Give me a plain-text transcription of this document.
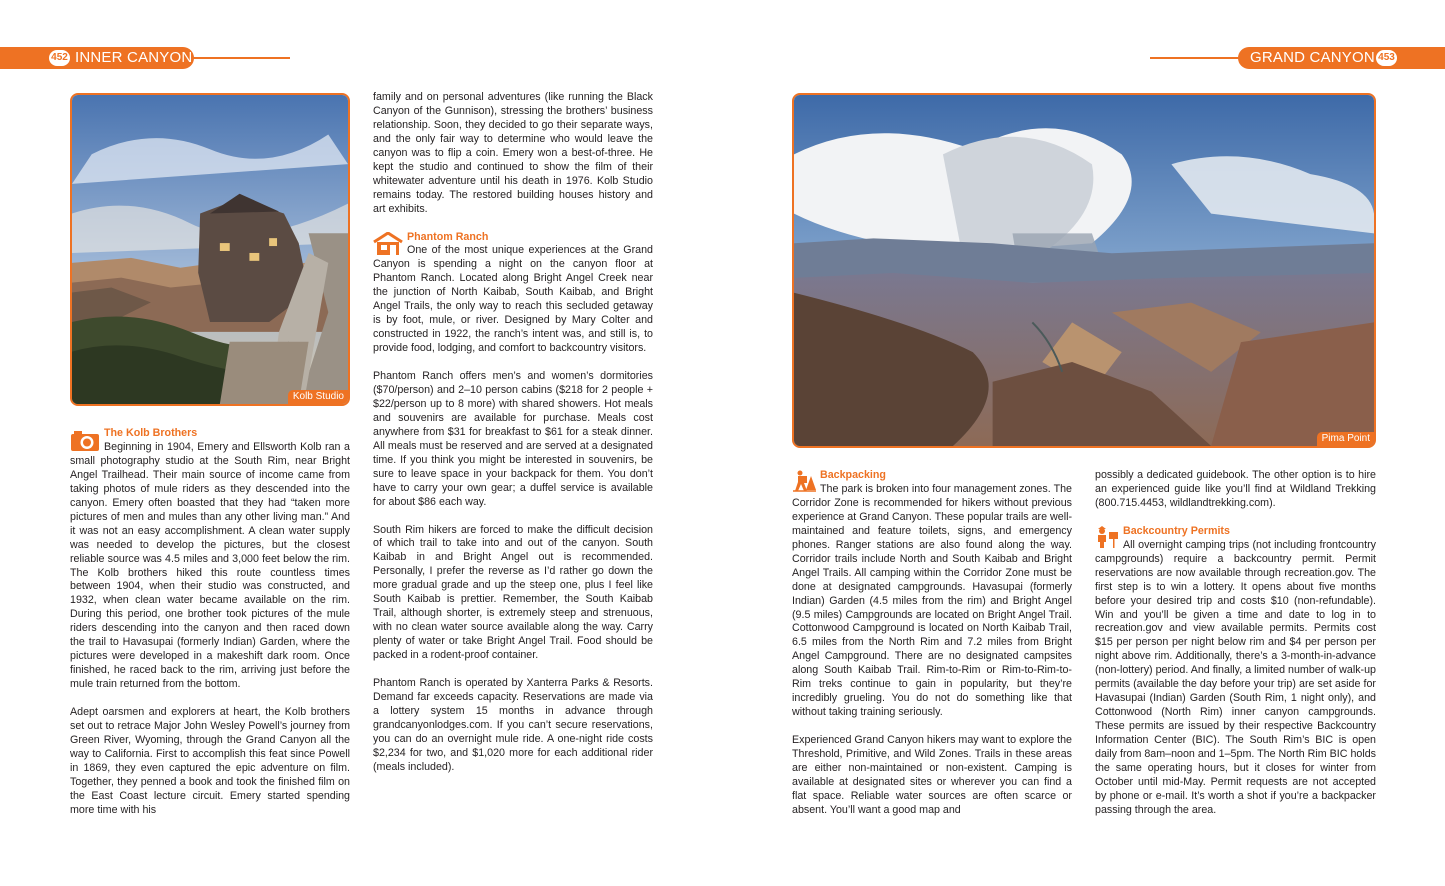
452 INNER CANYON	GRAND CANYON 453
Kolb Studio
Pima Point
The Kolb Brothers

Beginning in 1904, Emery and Ellsworth Kolb ran a small photography studio at the South Rim, near Bright Angel Trailhead. Their main source of income came from taking photos of mule riders as they descended into the canyon. Emery often boasted that they had “taken more pictures of men and mules than any other living man.” And it was not an easy accomplishment. A clean water supply was needed to develop the pictures, but the closest reliable source was 4.5 miles and 3,000 feet below the rim. The Kolb brothers hiked this route countless times between 1904, when their studio was constructed, and 1932, when clean water became available on the rim. During this period, one brother took pictures of the mule riders descending into the canyon and then raced down the trail to Havasupai (formerly Indian) Garden, where the pictures were developed in a makeshift dark room. Once finished, he raced back to the rim, arriving just before the mule train returned from the bottom.

Adept oarsmen and explorers at heart, the Kolb brothers set out to retrace Major John Wesley Powell’s journey from Green River, Wyoming, through the Grand Canyon all the way to California. First to accomplish this feat since Powell in 1869, they even captured the epic adventure on film. Together, they penned a book and took the finished film on the East Coast lecture circuit. Emery started spending more time with his

family and on personal adventures (like running the Black Canyon of the Gunnison), stressing the brothers’ business relationship. Soon, they decided to go their separate ways, and the only fair way to determine who would leave the canyon was to flip a coin. Emery won a best-of-three. He kept the studio and continued to show the film of their whitewater adventure until his death in 1976. Kolb Studio remains today. The restored building houses history and art exhibits.

Phantom Ranch

One of the most unique experiences at the Grand Canyon is spending a night on the canyon floor at Phantom Ranch. Located along Bright Angel Creek near the junction of North Kaibab, South Kaibab, and Bright Angel Trails, the only way to reach this secluded getaway is by foot, mule, or river. Designed by Mary Colter and constructed in 1922, the ranch’s intent was, and still is, to provide food, lodging, and comfort to backcountry visitors.

Phantom Ranch offers men’s and women’s dormitories ($70/person) and 2–10 person cabins ($218 for 2 people + $22/person up to 8 more) with shared showers. Hot meals and souvenirs are available for purchase. Meals cost anywhere from $31 for breakfast to $61 for a steak dinner. All meals must be reserved and are served at a designated time. If you think you might be interested in souvenirs, be sure to leave space in your backpack for them. You don’t have to carry your own gear; a duffel service is available for about $86 each way.

South Rim hikers are forced to make the difficult decision of which trail to take into and out of the canyon. South Kaibab in and Bright Angel out is recommended. Personally, I prefer the reverse as I’d rather go down the more gradual grade and up the steep one, plus I feel like South Kaibab is prettier. Remember, the South Kaibab Trail, although shorter, is extremely steep and strenuous, with no clean water source available along the way. Carry plenty of water or take Bright Angel Trail. Food should be packed in a rodent-proof container.

Phantom Ranch is operated by Xanterra Parks & Resorts. Demand far exceeds capacity. Reservations are made via a lottery system 15 months in advance through grandcanyonlodges.com. If you can’t secure reservations, you can do an overnight mule ride. A one-night ride costs $2,234 for two, and $1,020 more for each additional rider (meals included).

Backpacking

The park is broken into four management zones. The Corridor Zone is recommended for hikers without previous experience at Grand Canyon. These popular trails are well-maintained and feature toilets, signs, and emergency phones. Ranger stations are also found along the way. Corridor trails include North and South Kaibab and Bright Angel Trails. All camping within the Corridor Zone must be done at designated campgrounds. Havasupai (formerly Indian) Garden (4.5 miles from the rim) and Bright Angel (9.5 miles) Campgrounds are located on Bright Angel Trail. Cottonwood Campground is located on North Kaibab Trail, 6.5 miles from the North Rim and 7.2 miles from Bright Angel Campground. There are no designated campsites along South Kaibab Trail. Rim-to-Rim or Rim-to-Rim-to-Rim treks continue to gain in popularity, but they’re incredibly grueling. You do not do something like that without taking training seriously.

Experienced Grand Canyon hikers may want to explore the Threshold, Primitive, and Wild Zones. Trails in these areas are either non-maintained or non-existent. Camping is available at designated sites or wherever you can find a flat space. Reliable water sources are often scarce or absent. You’ll want a good map and

possibly a dedicated guidebook. The other option is to hire an experienced guide like you’ll find at Wildland Trekking (800.715.4453, wildlandtrekking.com).

Backcountry Permits

All overnight camping trips (not including frontcountry campgrounds) require a backcountry permit. Permit reservations are now available through recreation.gov. The first step is to win a lottery. It opens about five months before your desired trip and costs $10 (non-refundable). Win and you’ll be given a time and date to log in to recreation.gov and view available permits. Permits cost $15 per person per night below rim and $4 per person per night above rim. Additionally, there’s a 3-month-in-advance (non-lottery) period. And finally, a limited number of walk-up permits (available the day before your trip) are set aside for Havasupai (Indian) Garden (South Rim, 1 night only), and Cottonwood (North Rim) inner canyon campgrounds. These permits are issued by their respective Backcountry Information Center (BIC). The South Rim’s BIC is open daily from 8am–noon and 1–5pm. The North Rim BIC holds the same operating hours, but it closes for winter from October until mid-May. Permit requests are not accepted by phone or e-mail. It’s worth a shot if you’re a backpacker passing through the area.
